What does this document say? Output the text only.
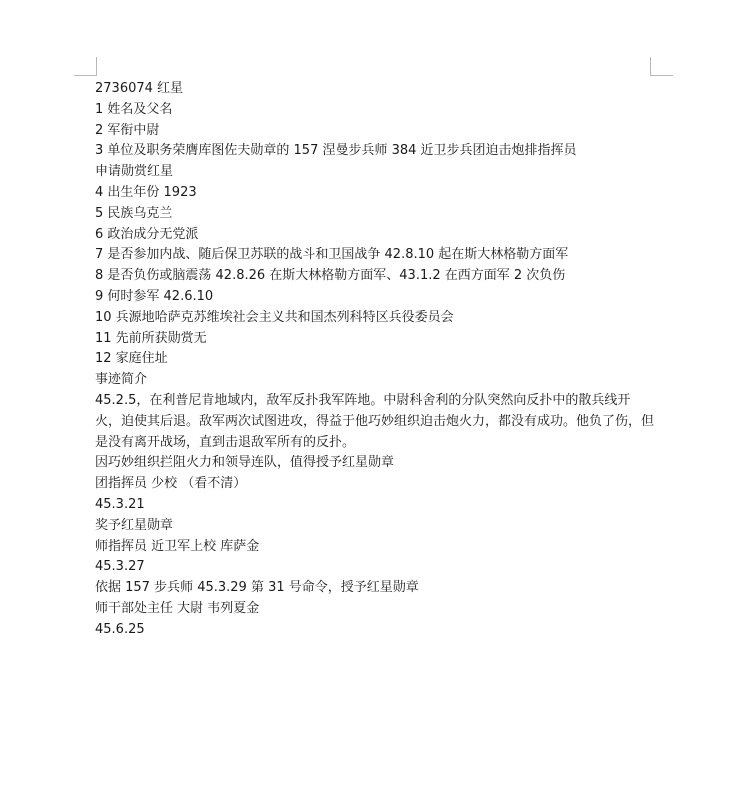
2736074 红星
1 姓名及父名
2 军衔中尉
3 单位及职务荣膺库图佐夫勋章的 157 涅曼步兵师 384 近卫步兵团迫击炮排指挥员
申请勋赏红星
4 出生年份 1923
5 民族乌克兰
6 政治成分无党派
7 是否参加内战、随后保卫苏联的战斗和卫国战争 42.8.10 起在斯大林格勒方面军
8 是否负伤或脑震荡 42.8.26 在斯大林格勒方面军、43.1.2 在西方面军 2 次负伤
9 何时参军 42.6.10
10 兵源地哈萨克苏维埃社会主义共和国杰列科特区兵役委员会
11 先前所获勋赏无
12 家庭住址
事迹简介
45.2.5，在利普尼肯地域内，敌军反扑我军阵地。中尉科舍利的分队突然向反扑中的散兵线开火，迫使其后退。敌军两次试图进攻，得益于他巧妙组织迫击炮火力，都没有成功。他负了伤，但是没有离开战场，直到击退敌军所有的反扑。
因巧妙组织拦阻火力和领导连队，值得授予红星勋章
团指挥员 少校 （看不清）
45.3.21
奖予红星勋章
师指挥员 近卫军上校 库萨金
45.3.27
依据 157 步兵师 45.3.29 第 31 号命令，授予红星勋章
师干部处主任 大尉 韦列夏金
45.6.25
